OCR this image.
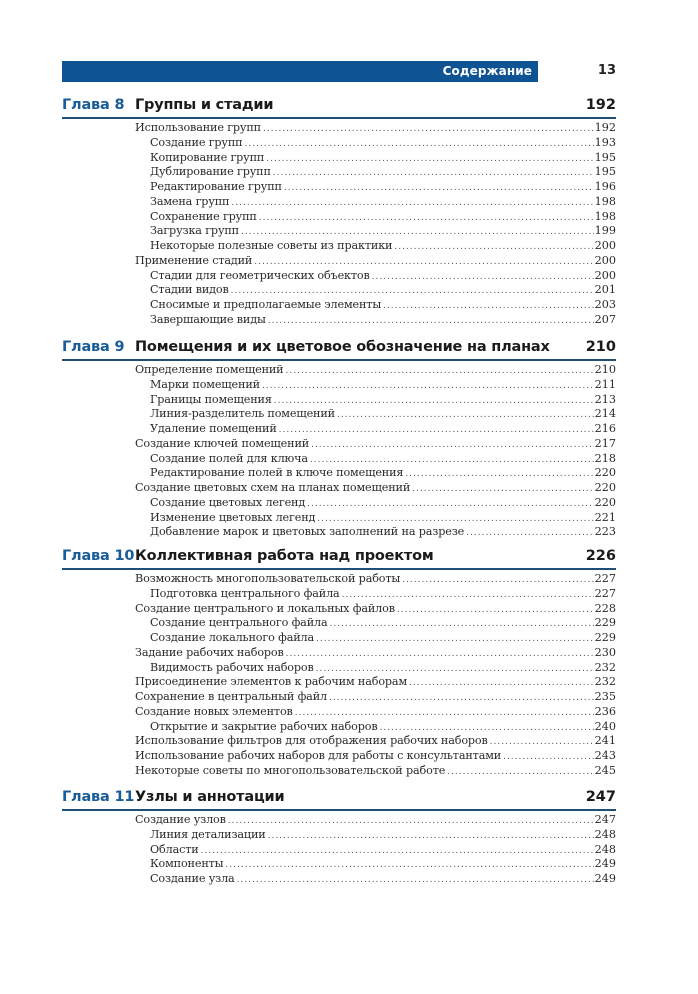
Содержание	13
Глава 8 Группы и стадии	192
Использование групп .....	192
Создание групп .....	193
Копирование групп .....	195
Дублирование групп .....	195
Редактирование групп .....	196
Замена групп .....	198
Сохранение групп .....	198
Загрузка групп .....	199
Некоторые полезные советы из практики .....	200
Применение стадий .....	200
Стадии для геометрических объектов .....	200
Стадии видов .....	201
Сносимые и предполагаемые элементы .....	203
Завершающие виды .....	207
Глава 9 Помещения и их цветовое обозначение на планах 210
Определение помещений .....	210
Марки помещений .....	211
Границы помещения .....	213
Линия-разделитель помещений .....	214
Удаление помещений .....	216
Создание ключей помещений .....	217
Создание полей для ключа .....	218
Редактирование полей в ключе помещения .....	220
Создание цветовых схем на планах помещений .....	220
Создание цветовых легенд .....	220
Изменение цветовых легенд .....	221
Добавление марок и цветовых заполнений на разрезе .....	223
Глава 10 Коллективная работа над проектом	226
Возможность многопользовательской работы .....	227
Подготовка центрального файла .....	227
Создание центрального и локальных файлов .....	228
Создание центрального файла .....	229
Создание локального файла .....	229
Задание рабочих наборов .....	230
Видимость рабочих наборов .....	232
Присоединение элементов к рабочим наборам .....	232
Сохранение в центральный файл .....	235
Создание новых элементов .....	236
Открытие и закрытие рабочих наборов .....	240
Использование фильтров для отображения рабочих наборов .....	241
Использование рабочих наборов для работы с консультантами .....	243
Некоторые советы по многопользовательской работе .....	245
Глава 11 Узлы и аннотации	247
Создание узлов .....	247
Линия детализации .....	248
Области .....	248
Компоненты .....	249
Создание узла .....	249
